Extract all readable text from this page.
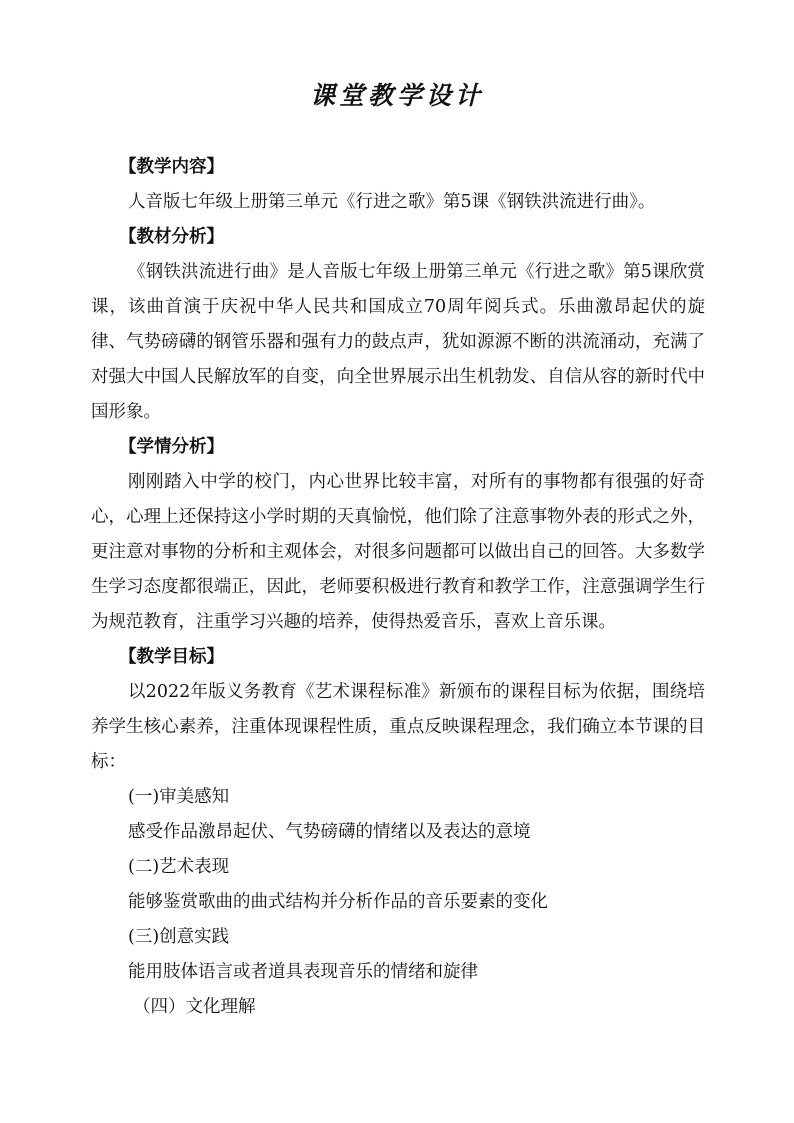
课堂教学设计

【教学内容】

人音版七年级上册第三单元《行进之歌》第5课《钢铁洪流进行曲》。

【教材分析】

《钢铁洪流进行曲》是人音版七年级上册第三单元《行进之歌》第5课欣赏课，该曲首演于庆祝中华人民共和国成立70周年阅兵式。乐曲激昂起伏的旋律、气势磅礴的钢管乐器和强有力的鼓点声，犹如源源不断的洪流涌动，充满了对强大中国人民解放军的自变，向全世界展示出生机勃发、自信从容的新时代中国形象。

【学情分析】

刚刚踏入中学的校门，内心世界比较丰富，对所有的事物都有很强的好奇心，心理上还保持这小学时期的天真愉悦，他们除了注意事物外表的形式之外，更注意对事物的分析和主观体会，对很多问题都可以做出自己的回答。大多数学生学习态度都很端正，因此，老师要积极进行教育和教学工作，注意强调学生行为规范教育，注重学习兴趣的培养，使得热爱音乐，喜欢上音乐课。

【教学目标】

以2022年版义务教育《艺术课程标准》新颁布的课程目标为依据，围绕培养学生核心素养，注重体现课程性质，重点反映课程理念，我们确立本节课的目标：

(一)审美感知

感受作品激昂起伏、气势磅礴的情绪以及表达的意境

(二)艺术表现

能够鉴赏歌曲的曲式结构并分析作品的音乐要素的变化

(三)创意实践

能用肢体语言或者道具表现音乐的情绪和旋律

（四）文化理解
